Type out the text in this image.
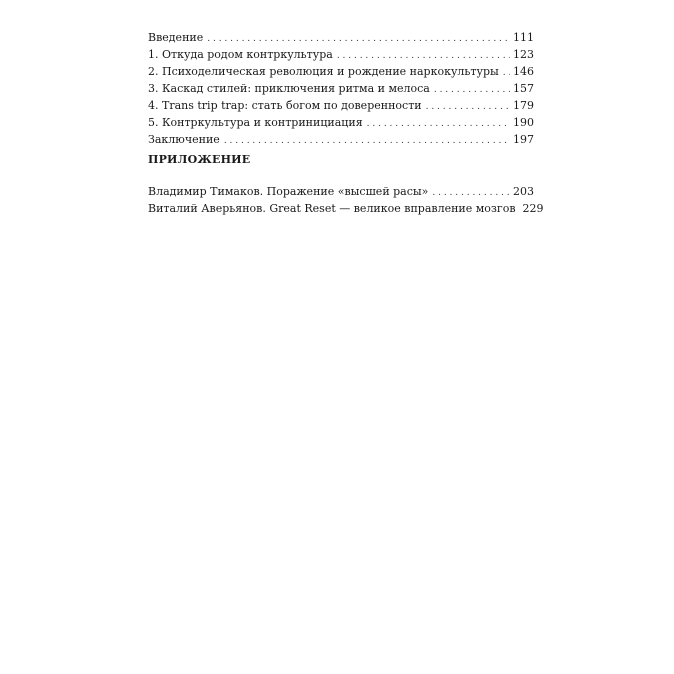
Введение . . .	111
1. Откуда родом контркультура . . .	123
2. Психоделическая революция и рождение наркокультуры . . . 146
3. Каскад стилей: приключения ритма и мелоса . . .	157
4. Trans trip trap: стать богом по доверенности . . .	179
5. Контркультура и контринициация . . .	190
Заключение . . .	197
ПРИЛОЖЕНИЕ
Владимир Тимаков. Поражение «высшей расы» . . .	203
Виталий Аверьянов. Great Reset — великое вправление мозгов 229
